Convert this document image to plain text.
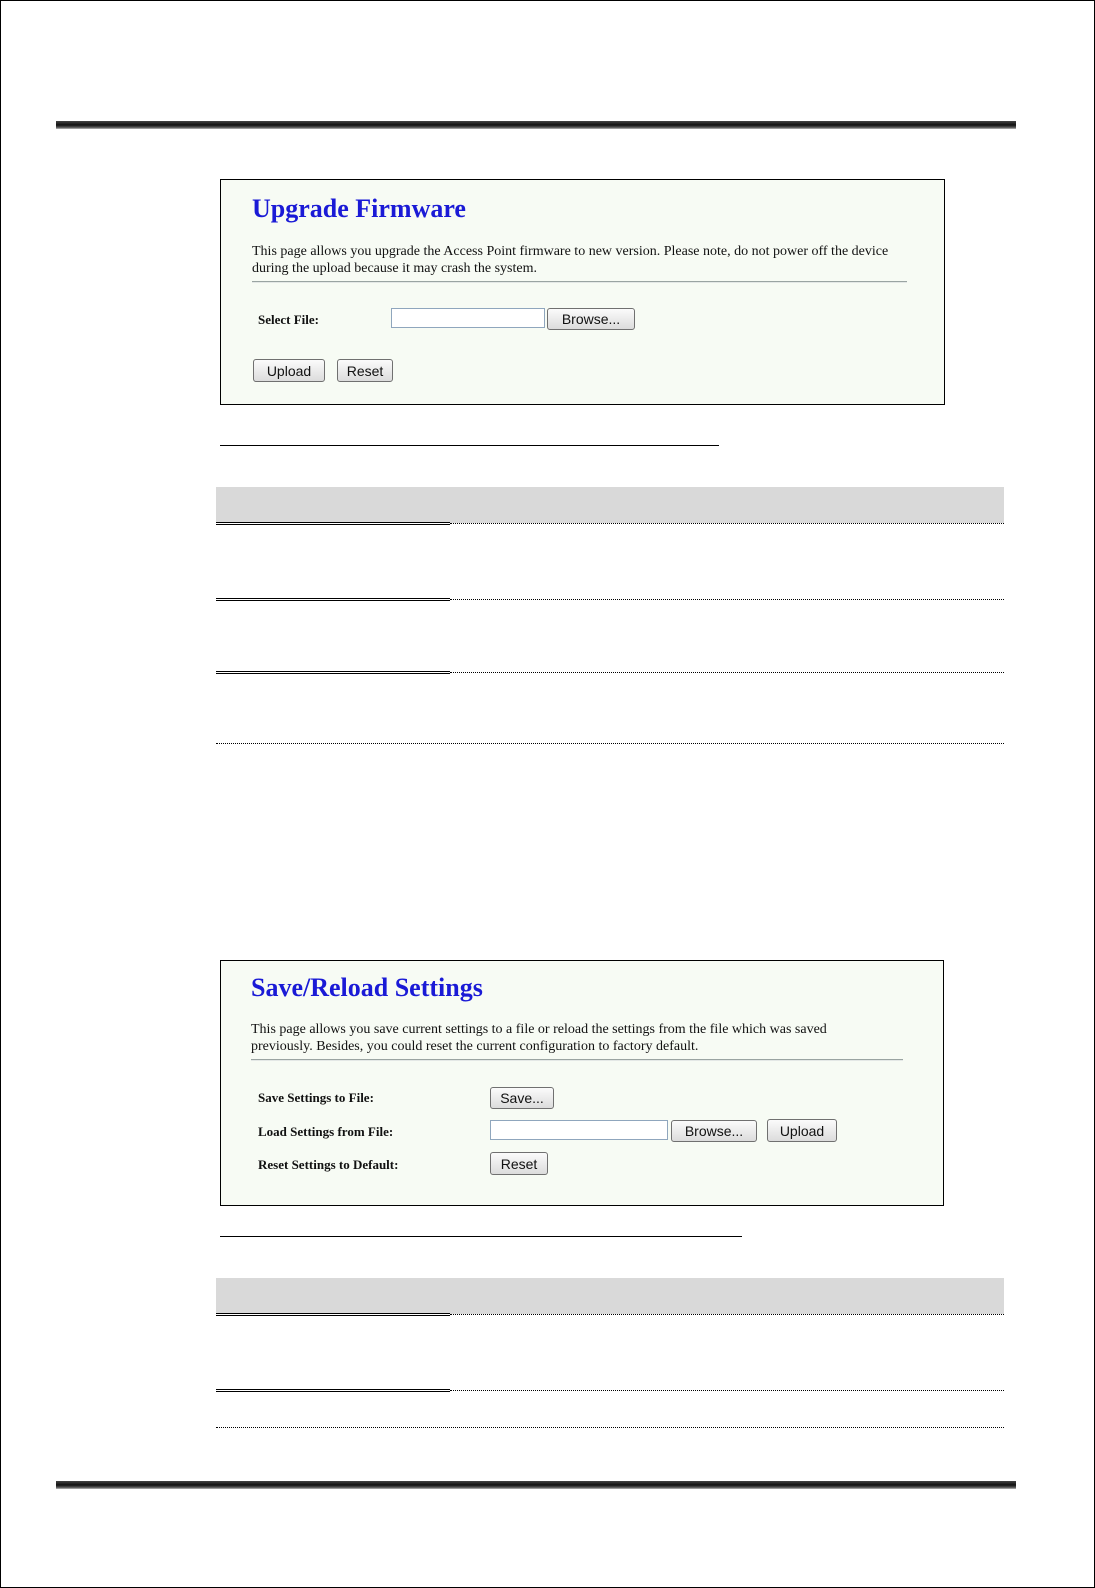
Upgrade Firmware

This page allows you upgrade the Access Point firmware to new version. Please note, do not power off the device during the upload because it may crash the system.

Select File:	Browse...
Upload	Reset
Save/Reload Settings

This page allows you save current settings to a file or reload the settings from the file which was saved previously. Besides, you could reset the current configuration to factory default.

Save Settings to File:	Save...
Load Settings from File:	Browse...	Upload
Reset Settings to Default:	Reset
